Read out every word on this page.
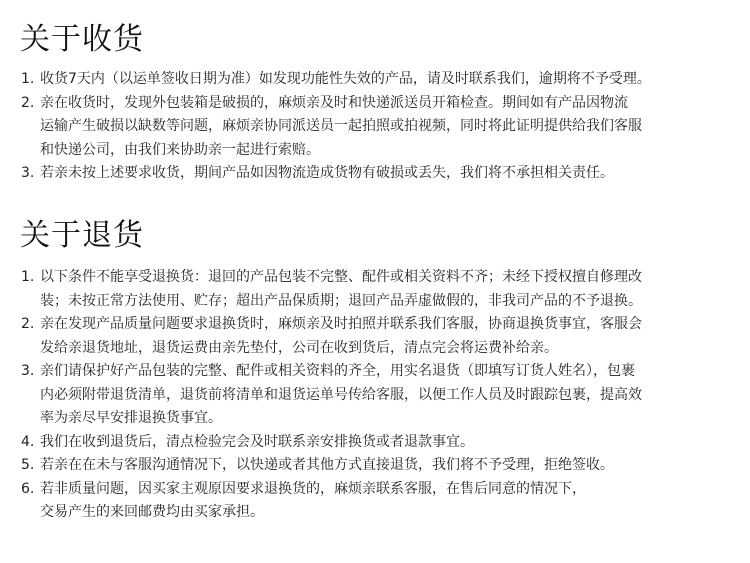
关于收货
1. 收货7天内（以运单签收日期为准）如发现功能性失效的产品，请及时联系我们，逾期将不予受理。
2. 亲在收货时，发现外包装箱是破损的，麻烦亲及时和快递派送员开箱检查。期间如有产品因物流
运输产生破损以缺数等问题，麻烦亲协同派送员一起拍照或拍视频，同时将此证明提供给我们客服
和快递公司，由我们来协助亲一起进行索赔。
3. 若亲未按上述要求收货，期间产品如因物流造成货物有破损或丢失，我们将不承担相关责任。
关于退货
1. 以下条件不能享受退换货：退回的产品包装不完整、配件或相关资料不齐；未经下授权擅自修理改
装；未按正常方法使用、贮存；超出产品保质期；退回产品弄虚做假的，非我司产品的不予退换。
2. 亲在发现产品质量问题要求退换货时，麻烦亲及时拍照并联系我们客服，协商退换货事宜，客服会
发给亲退货地址，退货运费由亲先垫付，公司在收到货后，清点完会将运费补给亲。
3. 亲们请保护好产品包装的完整、配件或相关资料的齐全，用实名退货（即填写订货人姓名），包裹
内必须附带退货清单，退货前将清单和退货运单号传给客服，以便工作人员及时跟踪包裹，提高效
率为亲尽早安排退换货事宜。
4. 我们在收到退货后，清点检验完会及时联系亲安排换货或者退款事宜。
5. 若亲在在未与客服沟通情况下，以快递或者其他方式直接退货，我们将不予受理，拒绝签收。
6. 若非质量问题，因买家主观原因要求退换货的，麻烦亲联系客服，在售后同意的情况下，
交易产生的来回邮费均由买家承担。
